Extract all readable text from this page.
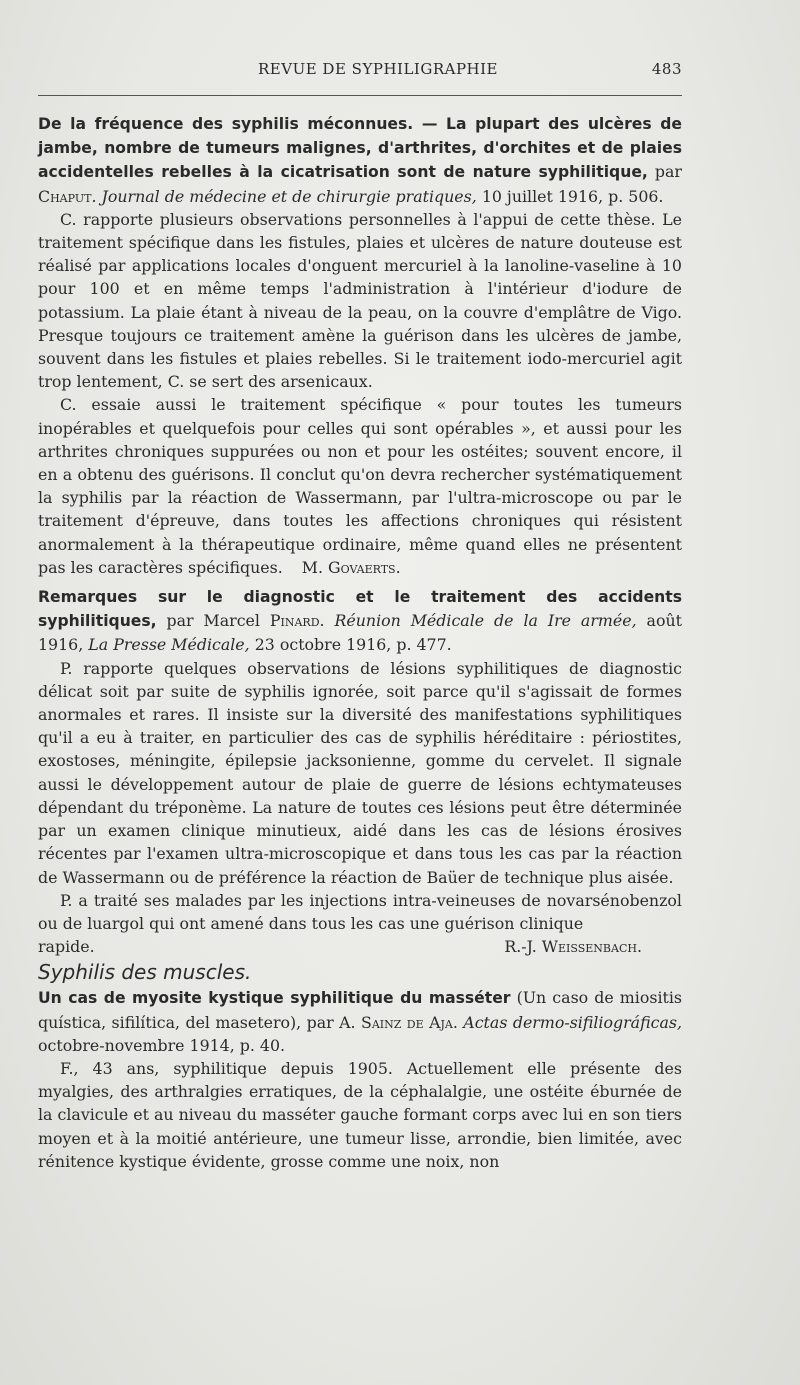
REVUE DE SYPHILIGRAPHIE	483

De la fréquence des syphilis méconnues. — La plupart des ulcères de jambe, nombre de tumeurs malignes, d'arthrites, d'orchites et de plaies accidentelles rebelles à la cicatrisation sont de nature syphilitique, par Chaput. Journal de médecine et de chirurgie pratiques, 10 juillet 1916, p. 506.

C. rapporte plusieurs observations personnelles à l'appui de cette thèse. Le traitement spécifique dans les fistules, plaies et ulcères de nature douteuse est réalisé par applications locales d'onguent mercuriel à la lanoline-vaseline à 10 pour 100 et en même temps l'administration à l'intérieur d'iodure de potassium. La plaie étant à niveau de la peau, on la couvre d'emplâtre de Vigo. Presque toujours ce traitement amène la guérison dans les ulcères de jambe, souvent dans les fistules et plaies rebelles. Si le traitement iodo-mercuriel agit trop lentement, C. se sert des arsenicaux.

C. essaie aussi le traitement spécifique « pour toutes les tumeurs inopérables et quelquefois pour celles qui sont opérables », et aussi pour les arthrites chroniques suppurées ou non et pour les ostéites; souvent encore, il en a obtenu des guérisons. Il conclut qu'on devra rechercher systématiquement la syphilis par la réaction de Wassermann, par l'ultra-microscope ou par le traitement d'épreuve, dans toutes les affections chroniques qui résistent anormalement à la thérapeutique ordinaire, même quand elles ne présentent pas les caractères spécifiques. M. Govaerts.

Remarques sur le diagnostic et le traitement des accidents syphilitiques, par Marcel Pinard. Réunion Médicale de la Ire armée, août 1916, La Presse Médicale, 23 octobre 1916, p. 477.

P. rapporte quelques observations de lésions syphilitiques de diagnostic délicat soit par suite de syphilis ignorée, soit parce qu'il s'agissait de formes anormales et rares. Il insiste sur la diversité des manifestations syphilitiques qu'il a eu à traiter, en particulier des cas de syphilis héréditaire : périostites, exostoses, méningite, épilepsie jacksonienne, gomme du cervelet. Il signale aussi le développement autour de plaie de guerre de lésions echtymateuses dépendant du tréponème. La nature de toutes ces lésions peut être déterminée par un examen clinique minutieux, aidé dans les cas de lésions érosives récentes par l'examen ultra-microscopique et dans tous les cas par la réaction de Wassermann ou de préférence la réaction de Baüer de technique plus aisée.

P. a traité ses malades par les injections intra-veineuses de novarsénobenzol ou de luargol qui ont amené dans tous les cas une guérison clinique

rapide.	R.-J. Weissenbach.

Syphilis des muscles.

Un cas de myosite kystique syphilitique du masséter (Un caso de miositis quística, sifilítica, del masetero), par A. Sainz de Aja. Actas dermo-sifiliográficas, octobre-novembre 1914, p. 40.

F., 43 ans, syphilitique depuis 1905. Actuellement elle présente des myalgies, des arthralgies erratiques, de la céphalalgie, une ostéite éburnée de la clavicule et au niveau du masséter gauche formant corps avec lui en son tiers moyen et à la moitié antérieure, une tumeur lisse, arrondie, bien limitée, avec rénitence kystique évidente, grosse comme une noix, non
